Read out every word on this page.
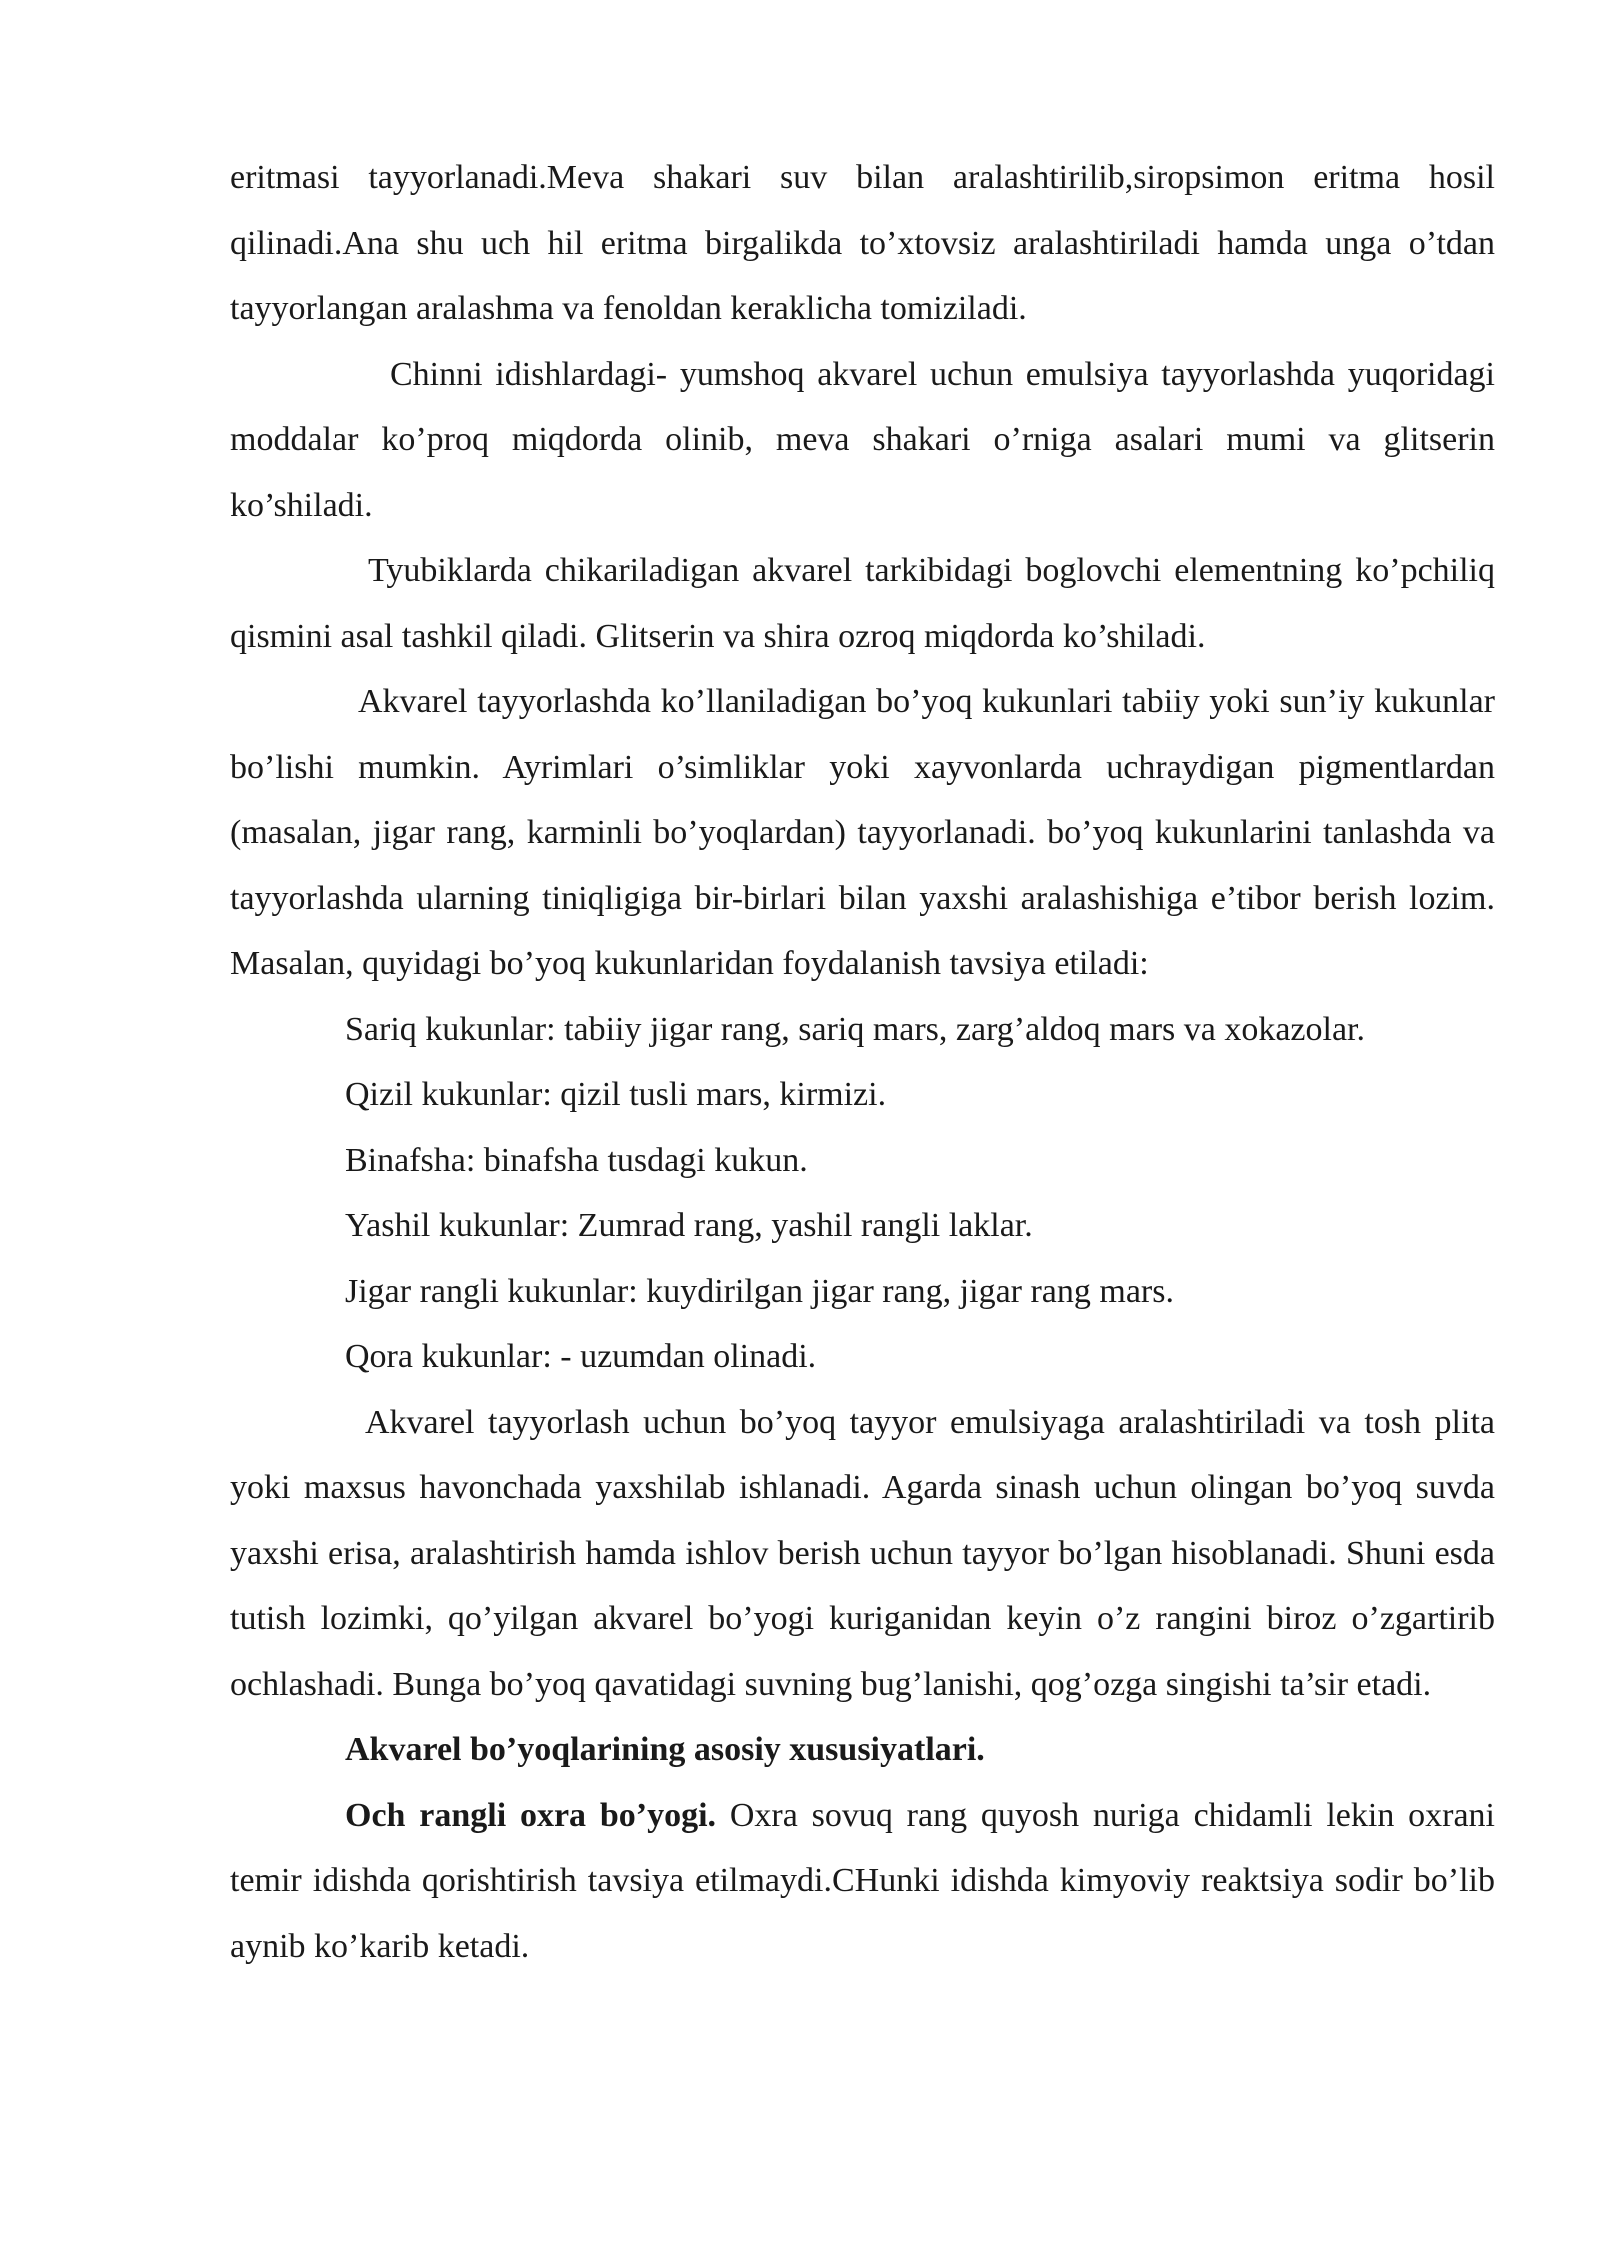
eritmasi tayyorlanadi.Meva shakari suv bilan aralashtirilib,siropsimon eritma hosil qilinadi.Ana shu uch hil eritma birgalikda to’xtovsiz aralashtiriladi hamda unga o’tdan tayyorlangan aralashma va fenoldan keraklicha tomiziladi.

Chinni idishlardagi- yumshoq akvarel uchun emulsiya tayyorlashda yuqoridagi moddalar ko’proq miqdorda olinib, meva shakari o’rniga asalari mumi va glitserin ko’shiladi.

Tyubiklarda chikariladigan akvarel tarkibidagi boglovchi elementning ko’pchiliq qismini asal tashkil qiladi. Glitserin va shira ozroq miqdorda ko’shiladi.

Akvarel tayyorlashda ko’llaniladigan bo’yoq kukunlari tabiiy yoki sun’iy kukunlar bo’lishi mumkin. Ayrimlari o’simliklar yoki xayvonlarda uchraydigan pigmentlardan (masalan, jigar rang, karminli bo’yoqlardan) tayyorlanadi. bo’yoq kukunlarini tanlashda va tayyorlashda ularning tiniqligiga bir-birlari bilan yaxshi aralashishiga e’tibor berish lozim. Masalan, quyidagi bo’yoq kukunlaridan foydalanish tavsiya etiladi:

Sariq kukunlar: tabiiy jigar rang, sariq mars, zarg’aldoq mars va xokazolar.

Qizil kukunlar: qizil tusli mars, kirmizi.

Binafsha: binafsha tusdagi kukun.

Yashil kukunlar: Zumrad rang, yashil rangli laklar.

Jigar rangli kukunlar: kuydirilgan jigar rang, jigar rang mars.

Qora kukunlar: - uzumdan olinadi.

Akvarel tayyorlash uchun bo’yoq tayyor emulsiyaga aralashtiriladi va tosh plita yoki maxsus havonchada yaxshilab ishlanadi. Agarda sinash uchun olingan bo’yoq suvda yaxshi erisa, aralashtirish hamda ishlov berish uchun tayyor bo’lgan hisoblanadi. Shuni esda tutish lozimki, qo’yilgan akvarel bo’yogi kuriganidan keyin o’z rangini biroz o’zgartirib ochlashadi. Bunga bo’yoq qavatidagi suvning bug’lanishi, qog’ozga singishi ta’sir etadi.

Akvarel bo’yoqlarining asosiy xususiyatlari.

Och rangli oxra bo’yogi. Oxra sovuq rang quyosh nuriga chidamli lekin oxrani temir idishda qorishtirish tavsiya etilmaydi.CHunki idishda kimyoviy reaktsiya sodir bo’lib aynib ko’karib ketadi.
